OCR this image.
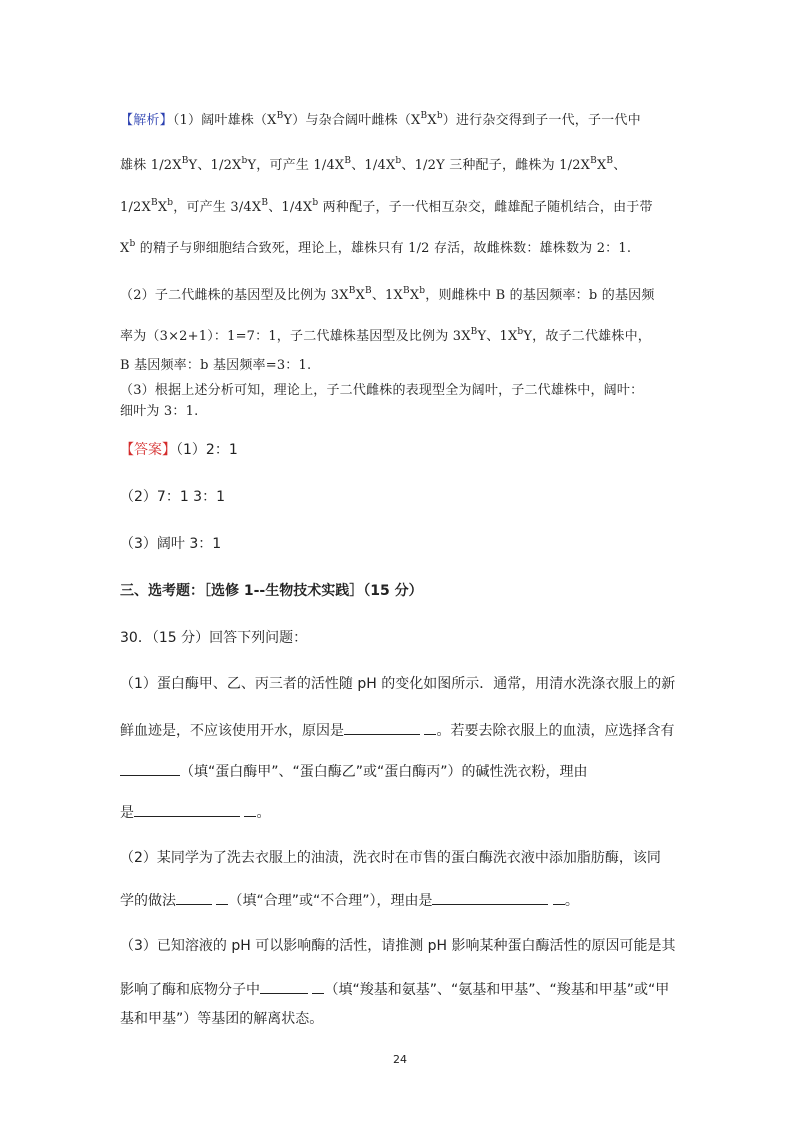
【解析】（1）阔叶雄株$(X^BY)$与杂合阔叶雌株$(X^BX^b)$进行杂交得到子一代，子一代中
雄株 $1/2X^BY$、$1/2X^bY$，可产生 $1/4X^B$、$1/4X^b$、1/2Y 三种配子，雌株为 $1/2X^BX^B$、
$1/2X^BX^b$，可产生 $3/4X^B$、$1/4X^b$ 两种配子，子一代相互杂交，雌雄配子随机结合，由于带
$X^b$ 的精子与卵细胞结合致死，理论上，雄株只有 1/2 存活，故雌株数：雄株数为 2：1.
（2）子二代雌株的基因型及比例为 $3X^BX^B$、$1X^BX^b$，则雌株中 B 的基因频率：b 的基因频
率为（3×2+1）：1=7：1，子二代雄株基因型及比例为 $3X^BY$、$1X^bY$，故子二代雄株中，
B 基因频率：b 基因频率=3：1.
（3）根据上述分析可知，理论上，子二代雌株的表现型全为阔叶，子二代雄株中，阔叶：
细叶为 3：1.
【答案】（1）2：1
（2）7：1 3：1
（3）阔叶 3：1
三、选考题：［选修 1--生物技术实践］（15 分）
30．（15 分）回答下列问题：
（1）蛋白酶甲、乙、丙三者的活性随 pH 的变化如图所示．通常，用清水洗涤衣服上的新
鲜血迹是，不应该使用开水，原因是	。若要去除衣服上的血渍，应选择含有
（填“蛋白酶甲”、“蛋白酶乙”或“蛋白酶丙”）的碱性洗衣粉，理由
是	。
（2）某同学为了洗去衣服上的油渍，洗衣时在市售的蛋白酶洗衣液中添加脂肪酶，该同
学的做法	（填“合理”或“不合理”），理由是	。
（3）已知溶液的 pH 可以影响酶的活性，请推测 pH 影响某种蛋白酶活性的原因可能是其
影响了酶和底物分子中	（填“羧基和氨基”、“氨基和甲基”、“羧基和甲基”或“甲
基和甲基”）等基团的解离状态。
24
